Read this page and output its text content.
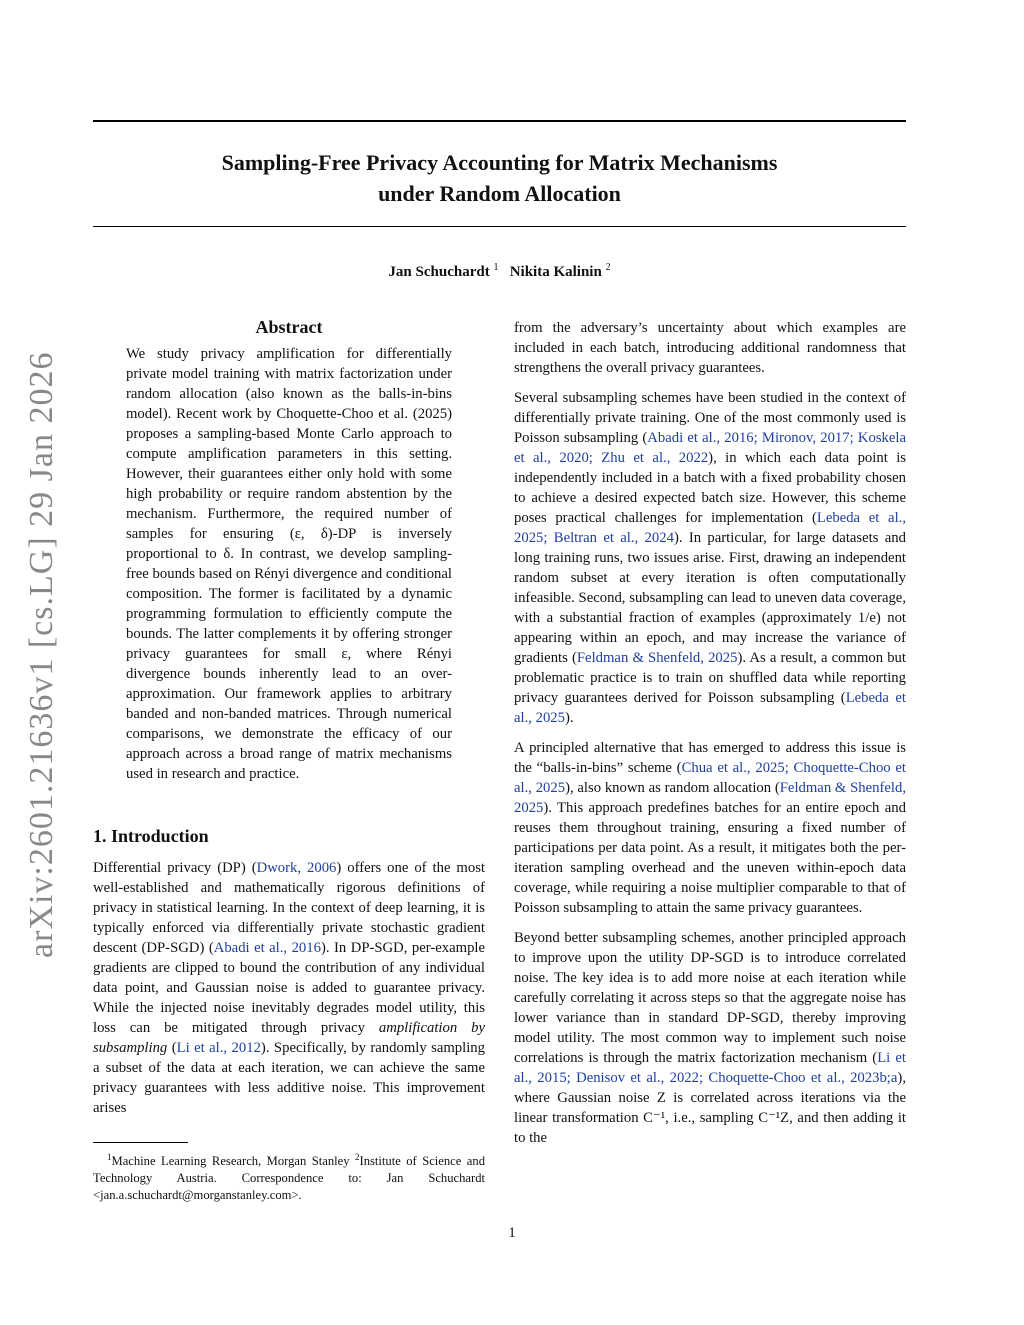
Sampling-Free Privacy Accounting for Matrix Mechanisms
under Random Allocation
Jan Schuchardt $^1$ Nikita Kalinin $^2$
arXiv:2601.21636v1 [cs.LG] 29 Jan 2026
Abstract

We study privacy amplification for differentially private model training with matrix factorization under random allocation (also known as the balls-in-bins model). Recent work by Choquette-Choo et al. (2025) proposes a sampling-based Monte Carlo approach to compute amplification parameters in this setting. However, their guarantees either only hold with some high probability or require random abstention by the mechanism. Furthermore, the required number of samples for ensuring (ε, δ)-DP is inversely proportional to δ. In contrast, we develop sampling-free bounds based on Rényi divergence and conditional composition. The former is facilitated by a dynamic programming formulation to efficiently compute the bounds. The latter complements it by offering stronger privacy guarantees for small ε, where Rényi divergence bounds inherently lead to an over-approximation. Our framework applies to arbitrary banded and non-banded matrices. Through numerical comparisons, we demonstrate the efficacy of our approach across a broad range of matrix mechanisms used in research and practice.

1. Introduction

Differential privacy (DP) (Dwork, 2006) offers one of the most well-established and mathematically rigorous definitions of privacy in statistical learning. In the context of deep learning, it is typically enforced via differentially private stochastic gradient descent (DP-SGD) (Abadi et al., 2016). In DP-SGD, per-example gradients are clipped to bound the contribution of any individual data point, and Gaussian noise is added to guarantee privacy. While the injected noise inevitably degrades model utility, this loss can be mitigated through privacy amplification by subsampling (Li et al., 2012). Specifically, by randomly sampling a subset of the data at each iteration, we can achieve the same privacy guarantees with less additive noise. This improvement arises

from the adversary’s uncertainty about which examples are included in each batch, introducing additional randomness that strengthens the overall privacy guarantees.

Several subsampling schemes have been studied in the context of differentially private training. One of the most commonly used is Poisson subsampling (Abadi et al., 2016; Mironov, 2017; Koskela et al., 2020; Zhu et al., 2022), in which each data point is independently included in a batch with a fixed probability chosen to achieve a desired expected batch size. However, this scheme poses practical challenges for implementation (Lebeda et al., 2025; Beltran et al., 2024). In particular, for large datasets and long training runs, two issues arise. First, drawing an independent random subset at every iteration is often computationally infeasible. Second, subsampling can lead to uneven data coverage, with a substantial fraction of examples (approximately 1/e) not appearing within an epoch, and may increase the variance of gradients (Feldman & Shenfeld, 2025). As a result, a common but problematic practice is to train on shuffled data while reporting privacy guarantees derived for Poisson subsampling (Lebeda et al., 2025).

A principled alternative that has emerged to address this issue is the “balls-in-bins” scheme (Chua et al., 2025; Choquette-Choo et al., 2025), also known as random allocation (Feldman & Shenfeld, 2025). This approach predefines batches for an entire epoch and reuses them throughout training, ensuring a fixed number of participations per data point. As a result, it mitigates both the per-iteration sampling overhead and the uneven within-epoch data coverage, while requiring a noise multiplier comparable to that of Poisson subsampling to attain the same privacy guarantees.

Beyond better subsampling schemes, another principled approach to improve upon the utility DP-SGD is to introduce correlated noise. The key idea is to add more noise at each iteration while carefully correlating it across steps so that the aggregate noise has lower variance than in standard DP-SGD, thereby improving model utility. The most common way to implement such noise correlations is through the matrix factorization mechanism (Li et al., 2015; Denisov et al., 2022; Choquette-Choo et al., 2023b;a), where Gaussian noise Z is correlated across iterations via the linear transformation C⁻¹, i.e., sampling C⁻¹Z, and then adding it to the

$^1$Machine Learning Research, Morgan Stanley $^2$Institute of Science and Technology Austria. Correspondence to: Jan Schuchardt <jan.a.schuchardt@morganstanley.com>.
1
